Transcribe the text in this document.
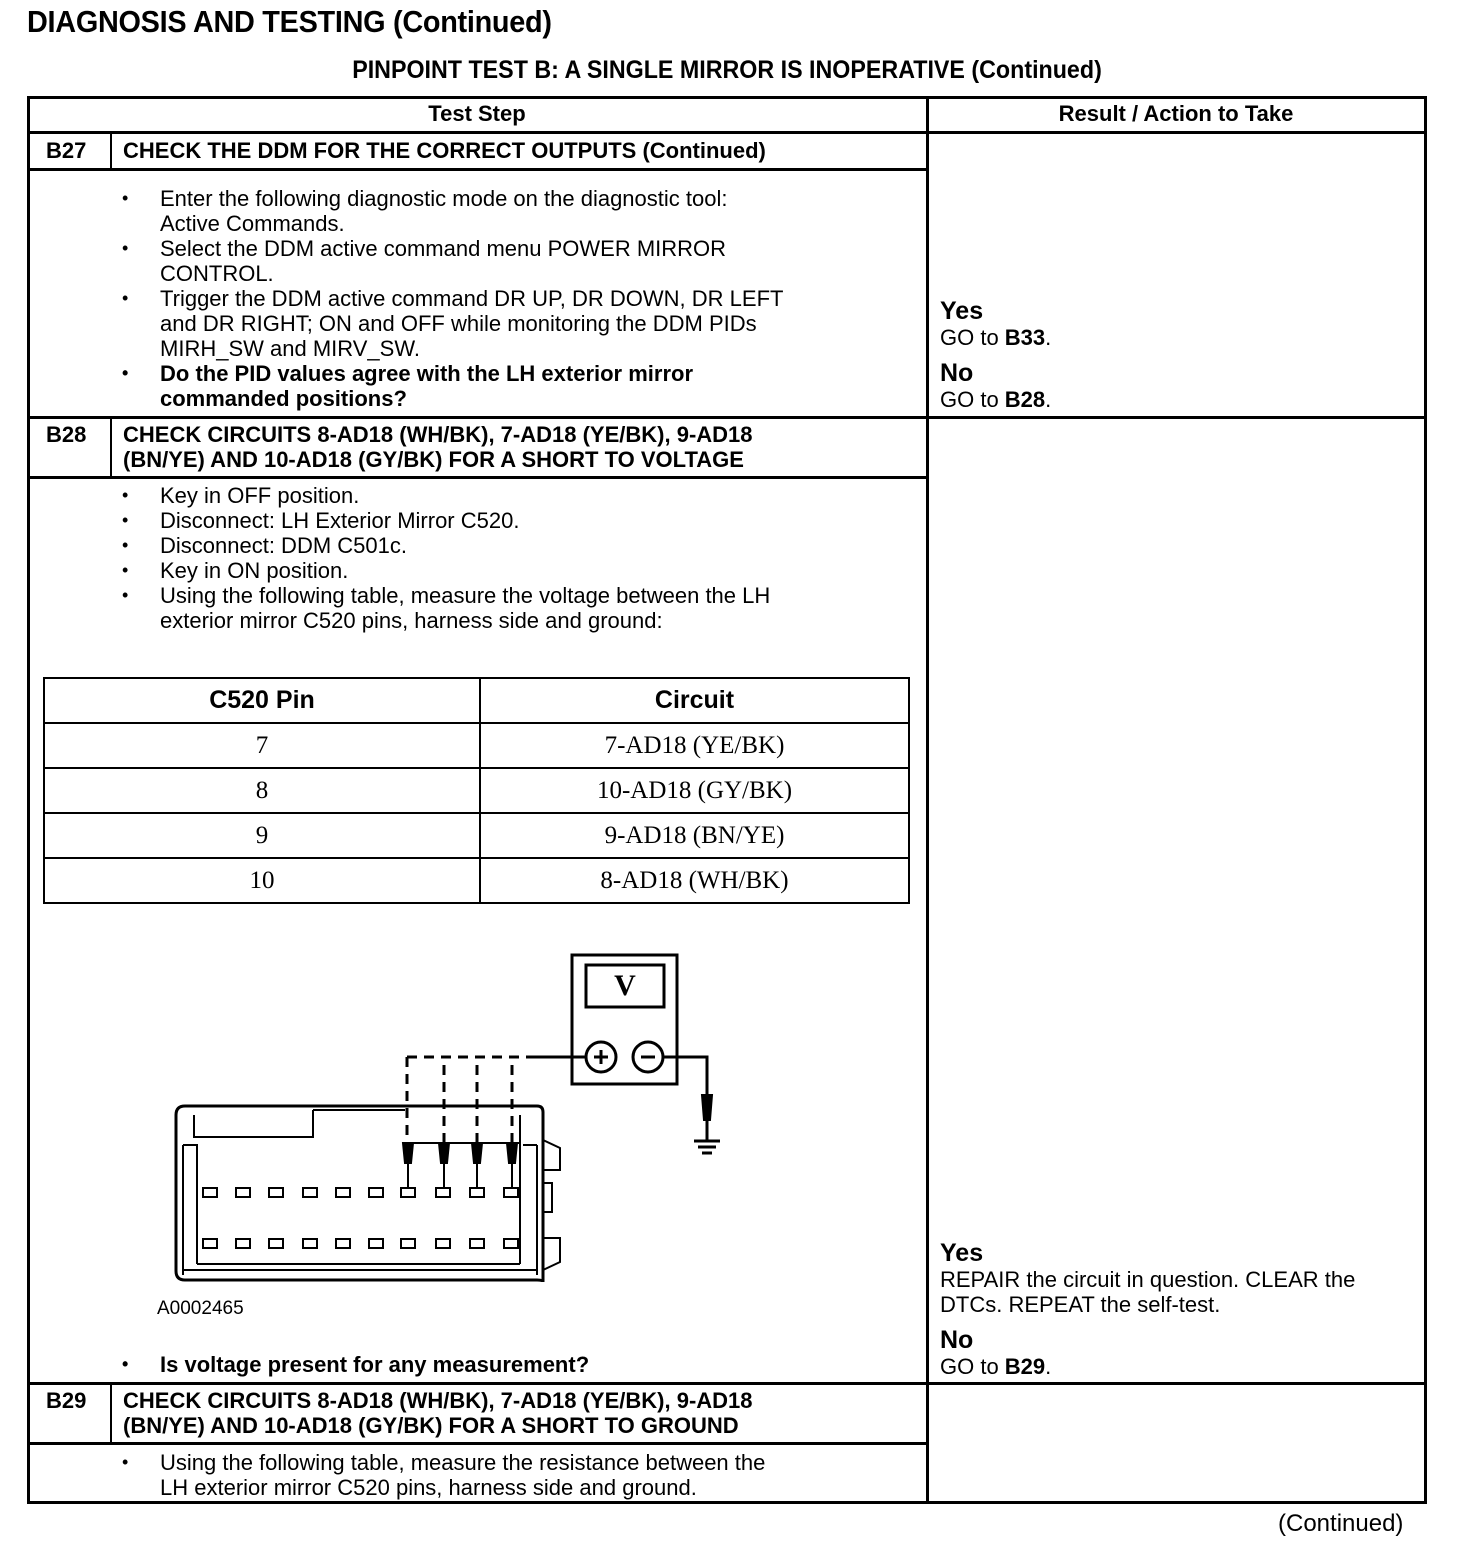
DIAGNOSIS AND TESTING (Continued)
PINPOINT TEST B: A SINGLE MIRROR IS INOPERATIVE (Continued)
Test Step	Result / Action to Take
B27 CHECK THE DDM FOR THE CORRECT OUTPUTS (Continued)
• Enter the following diagnostic mode on the diagnostic tool:
Active Commands.
• Select the DDM active command menu POWER MIRROR
CONTROL.
• Trigger the DDM active command DR UP, DR DOWN, DR LEFT
and DR RIGHT; ON and OFF while monitoring the DDM PIDs
MIRH_SW and MIRV_SW.
• Do the PID values agree with the LH exterior mirror
commanded positions?
Yes
GO to B33.
No
GO to B28.
B28 CHECK CIRCUITS 8-AD18 (WH/BK), 7-AD18 (YE/BK), 9-AD18
(BN/YE) AND 10-AD18 (GY/BK) FOR A SHORT TO VOLTAGE
• Key in OFF position.
• Disconnect: LH Exterior Mirror C520.
• Disconnect: DDM C501c.
• Key in ON position.
• Using the following table, measure the voltage between the LH
exterior mirror C520 pins, harness side and ground:
C520 Pin	Circuit
7	7-AD18 (YE/BK)
8	10-AD18 (GY/BK)
9	9-AD18 (BN/YE)
10	8-AD18 (WH/BK)
V
A0002465
• Is voltage present for any measurement?
Yes
REPAIR the circuit in question. CLEAR the
DTCs. REPEAT the self-test.
No
GO to B29.
B29 CHECK CIRCUITS 8-AD18 (WH/BK), 7-AD18 (YE/BK), 9-AD18
(BN/YE) AND 10-AD18 (GY/BK) FOR A SHORT TO GROUND
• Using the following table, measure the resistance between the
LH exterior mirror C520 pins, harness side and ground.
(Continued)
